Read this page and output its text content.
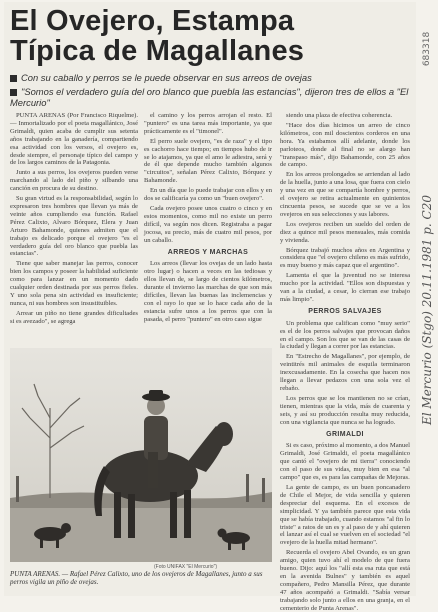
El Ovejero, Estampa
Típica de Magallanes
Con su caballo y perros se le puede observar en sus arreos de ovejas
"Somos el verdadero guía del oro blanco que puebla las estancias", dijeron tres de ellos a "El Mercurio"

PUNTA ARENAS (Por Francisco Riquelme). — Inmortalizado por el poeta magallánico, José Grimaldi, quien acaba de cumplir sus setenta años trabajando en la ganadería, compartiendo esa actividad con los versos, el ovejero es, desde siempre, el personaje típico del campo y de los largos caminos de la Patagonia.

Junto a sus perros, los ovejeros pueden verse marchando al lado del piño y silbando una canción en procura de su destino.

Su gran virtud es la responsabilidad, según lo expresaron tres hombres que llevan ya más de veinte años cumpliendo esa función. Rafael Pérez Calixto, Alvaro Bórquez, Elera y Juan Arturo Bahamonde, quienes admiten que el trabajo es delicado porque el ovejero "es el verdadero guía del oro blanco que puebla las estancias".

Tiene que saber manejar las perros, conocer bien los campos y poseer la habilidad suficiente como para lanzar en un momento dado cualquier orden destinada por sus perros fieles. Y uno sola pena sin actividad es insuficiente; nunca, ni sus hombres son insustituibles.

Arrear un piño no tiene grandes dificultades si es avezado", se agrega

el camino y los perros arrojan el resto. El "puntero" es una tarea más importante, ya que prácticamente es el "timonel".

El perro suele ovejero, "es de raza" y el tipo es cachorro hace tiempo; en tiempos hubo de ir se lo atajamos, ya que el amo le adiestra, será y de él que depende mucho también algunos "circuitos", señalan Pérez Calixto, Bórquez y Bahamonde.

En un día que lo puede trabajar con ellos y en dos se calificaría ya como un "buen ovejero".

Cada ovejero posee unos cuatro o cinco y en estos momentos, como mil no existe un perro difícil, va según nos dicen. Registraba a pagar jocosa, su precio, más de cuatro mil pesos, por un caballo.

ARREOS Y MARCHAS

Los arreos (llevar los ovejas de un lado hasta otro lugar) o hacen a veces en las tediosas y ellos llevan de, se largo de cientos kilómetros, durante el invierno las marchas de que son más difíciles, llevan las buenas las inclemencias y con el rayo lo que se lo hace cada año de la estancia sufre unos a los perros que con la pasada, el perro "puntero" en otro caso sigue

siendo una plaza de efectiva coherencia.

"Hace dos días hicimos un arreo de cinco kilómetros, con mil doscientos corderos en una hora. Ya estabamos allí adelante, donde los parloteos, donde al final no se alargo han "transpaso más", dijo Bahamonde, con 25 años de campo.

En los arreos prolongados se arriendan al lado de la huella, junto a una losa, que fuera con cielo y una vez en que se compartía hombre y perros, el ovejero se retira actualmente en quinientos cincuenta pesos, se sucede que se ve a los ovejeros en sus selecciones y sus labores.

Los ovejeros reciben un sueldo del orden de diez a quince mil pesos mensuales, más comida y vivienda.

Bórquez trabajó muchos años en Argentina y considera que "el ovejero chileno es más sufrido, es muy bueno y más capaz que el argentino".

Lamenta el que la juventud no se interesa mucho por la actividad. "Ellos son dispuestas y van a la ciudad, a cesar, lo cierran ese trabajo más limpio".

PERROS SALVAJES

Un problema que califican como "muy serio" es el de los perros salvajes que provocan daños en el campo. Son los que se van de las casas de la ciudad y llegan a correr por las estancias.

En "Estrecho de Magallanes", por ejemplo, de veintitrés mil animales de esquila terminaron inexcusadamente. En la cosecha que hacen nos llegan a llevar pedazos con una sola vez el rebaño.

Los perros que se los mantienen no se crían, tienen, mientras que la vida, más de cuarenta y seis, y así su producción resulta muy reducida, con una vigilancia que nunca se ha logrado.

GRIMALDI

Si es caso, próximo al momento, a dos Manuel Grimaldi, José Grimaldi, el poeta magallánico que cantó el "ovejero de mi tierra" conociendo con el paso de sus vidas, muy bien en esa "al campo" que es, es para las campañas de Mejoras.

La gente de campo, es un buen poncanadero de Chile el Mejor, de vida sencilla y quieren despreciar del esquema. En el excesos de simplicidad. Y ya también parece que esta vida que se había trabajado, cuando estamos "al fin lo triste" a ratos de un es y al paso de y ahí quieren el lanzar así el cual se vuelven en el sociedad "el ovejero de la huella mitad hermano".

Recuerda el ovejero Abel Ovando, es un gran amigo, quien tuvo ahí el modelo de que fuera bueno. Dijo: aquí los "allí esta esa ruta que está en la avenida Bulnes" y también es aquel compañero, Pedro Mansilla Pérez, que durante 47 años acompañó a Grimaldi. "Sabía versar trabajando solo junto a ellos en una granja, en el cementerio de Punta Arenas".

(Foto UNIFAX "El Mercurio")
PUNTA ARENAS. — Rafael Pérez Calixto, uno de los ovejeros de Magallanes, junto a sus perros vigila un piño de ovejas.
683318
El Mercurio (Stgo) 20.11.1981 p. C20
